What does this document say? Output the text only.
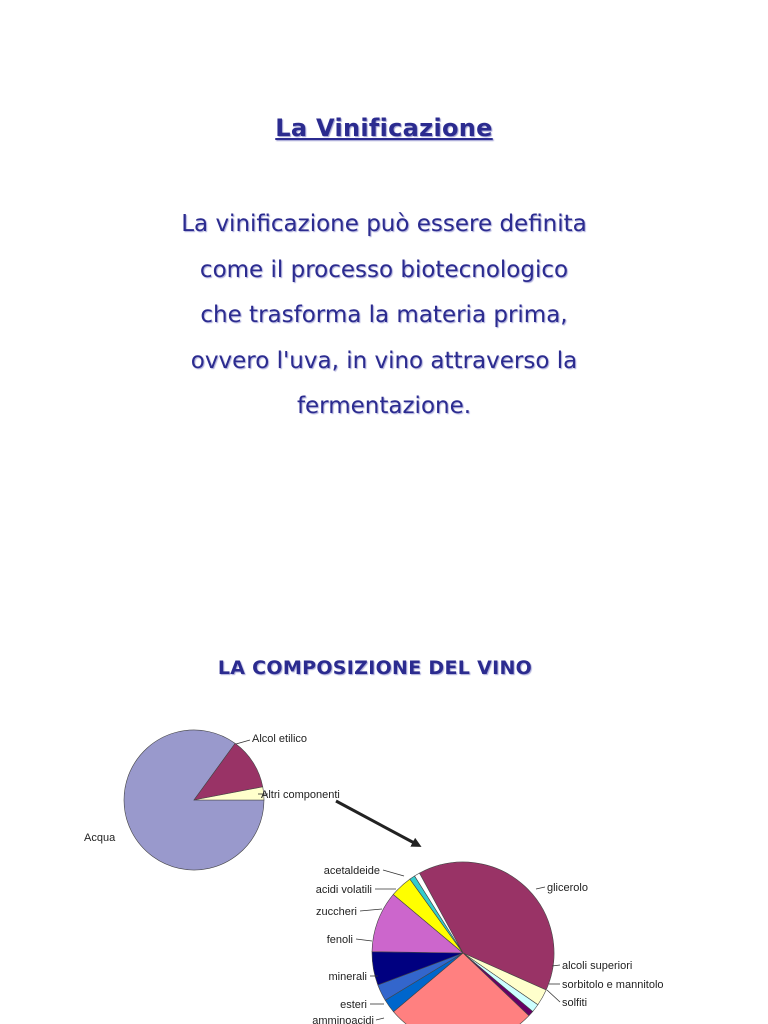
La Vinificazione
La vinificazione può essere definita
come il processo biotecnologico
che trasforma la materia prima,
ovvero l'uva, in vino attraverso la
fermentazione.
LA COMPOSIZIONE DEL VINO
Acqua
Alcol etilico
Altri componenti
glicerolo
alcoli superiori
sorbitolo e mannitolo
solfiti
amminoacidi
esteri
minerali
fenoli
zuccheri
acidi volatili
acetaldeide
